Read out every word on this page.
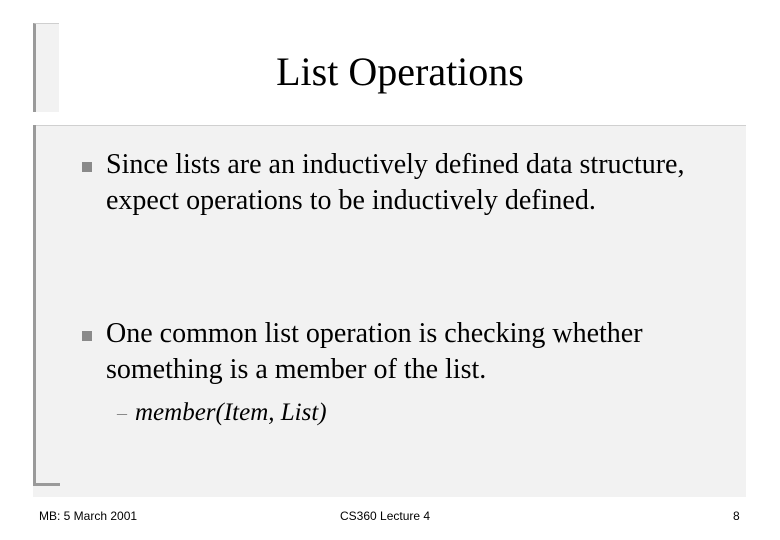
List Operations
Since lists are an inductively defined data structure, expect operations to be inductively defined.
One common list operation is checking whether something is a member of the list.
– member(Item, List)
MB: 5 March 2001	CS360 Lecture 4	8
